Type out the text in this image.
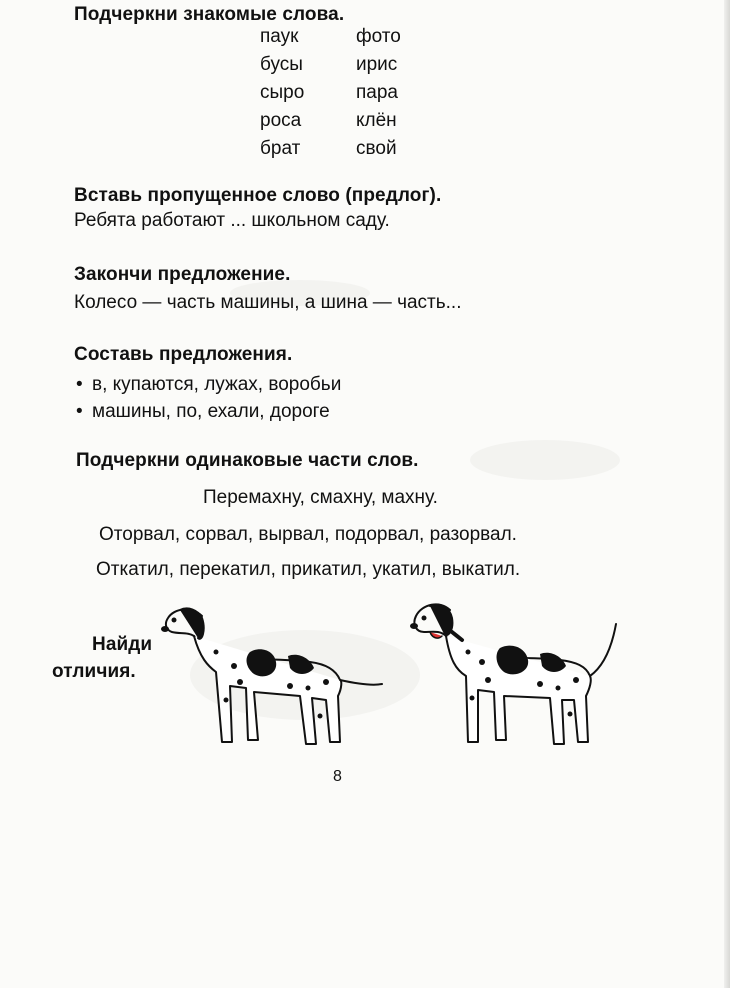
Подчеркни знакомые слова.
паук	фото
бусы	ирис
сыро	пара
роса	клён
брат	свой
Вставь пропущенное слово (предлог).
Ребята работают ... школьном саду.
Закончи предложение.
Колесо — часть машины, а шина — часть...
Составь предложения.
• в, купаются, лужах, воробьи
• машины, по, ехали, дороге
Подчеркни одинаковые части слов.
Перемахну, смахну, махну.
Оторвал, сорвал, вырвал, подорвал, разорвал.
Откатил, перекатил, прикатил, укатил, выкатил.
Найди
отличия.
8
